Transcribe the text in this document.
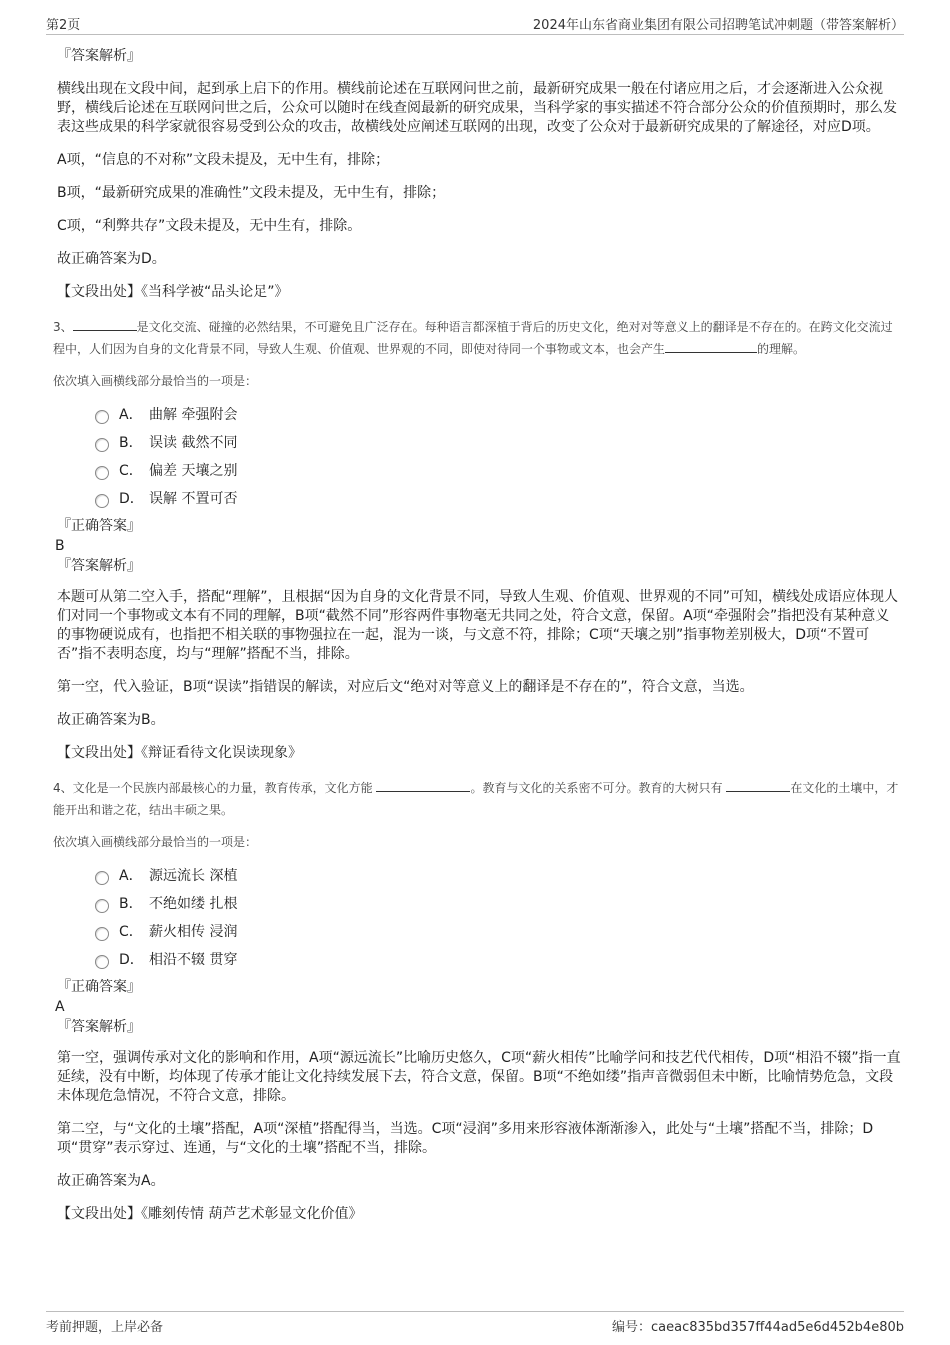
第2页	2024年山东省商业集团有限公司招聘笔试冲刺题（带答案解析）

『答案解析』

横线出现在文段中间，起到承上启下的作用。横线前论述在互联网问世之前，最新研究成果一般在付诸应用之后，才会逐渐进入公众视野，横线后论述在互联网问世之后，公众可以随时在线查阅最新的研究成果，当科学家的事实描述不符合部分公众的价值预期时，那么发表这些成果的科学家就很容易受到公众的攻击，故横线处应阐述互联网的出现，改变了公众对于最新研究成果的了解途径，对应D项。

A项，“信息的不对称”文段未提及，无中生有，排除；

B项，“最新研究成果的准确性”文段未提及，无中生有，排除；

C项，“利弊共存”文段未提及，无中生有，排除。

故正确答案为D。

【文段出处】《当科学被“品头论足”》

3、	是文化交流、碰撞的必然结果，不可避免且广泛存在。每种语言都深植于背后的历史文化，绝对对等意义上的翻译是不存在的。在跨文化交流过程中，人们因为自身的文化背景不同，导致人生观、价值观、世界观的不同，即使对待同一个事物或文本，也会产生	的理解。

依次填入画横线部分最恰当的一项是：

A． 曲解 牵强附会
B． 误读 截然不同
C． 偏差 天壤之别
D． 误解 不置可否

『正确答案』

B

『答案解析』

本题可从第二空入手，搭配“理解”，且根据“因为自身的文化背景不同，导致人生观、价值观、世界观的不同”可知，横线处成语应体现人们对同一个事物或文本有不同的理解，B项“截然不同”形容两件事物毫无共同之处，符合文意，保留。A项“牵强附会”指把没有某种意义的事物硬说成有，也指把不相关联的事物强拉在一起，混为一谈，与文意不符，排除；C项“天壤之别”指事物差别极大，D项“不置可否”指不表明态度，均与“理解”搭配不当，排除。

第一空，代入验证，B项“误读”指错误的解读，对应后文“绝对对等意义上的翻译是不存在的”，符合文意，当选。

故正确答案为B。

【文段出处】《辩证看待文化误读现象》

4、文化是一个民族内部最核心的力量，教育传承，文化方能	。教育与文化的关系密不可分。教育的大树只有	在文化的土壤中，才能开出和谐之花，结出丰硕之果。

依次填入画横线部分最恰当的一项是：

A． 源远流长 深植
B． 不绝如缕 扎根
C． 薪火相传 浸润
D． 相沿不辍 贯穿

『正确答案』

A

『答案解析』

第一空，强调传承对文化的影响和作用，A项“源远流长”比喻历史悠久，C项“薪火相传”比喻学问和技艺代代相传，D项“相沿不辍”指一直延续，没有中断，均体现了传承才能让文化持续发展下去，符合文意，保留。B项“不绝如缕”指声音微弱但未中断，比喻情势危急，文段未体现危急情况，不符合文意，排除。

第二空，与“文化的土壤”搭配，A项“深植”搭配得当，当选。C项“浸润”多用来形容液体渐渐渗入，此处与“土壤”搭配不当，排除；D项“贯穿”表示穿过、连通，与“文化的土壤”搭配不当，排除。

故正确答案为A。

【文段出处】《雕刻传情 葫芦艺术彰显文化价值》

考前押题，上岸必备	编号：caeac835bd357ff44ad5e6d452b4e80b
